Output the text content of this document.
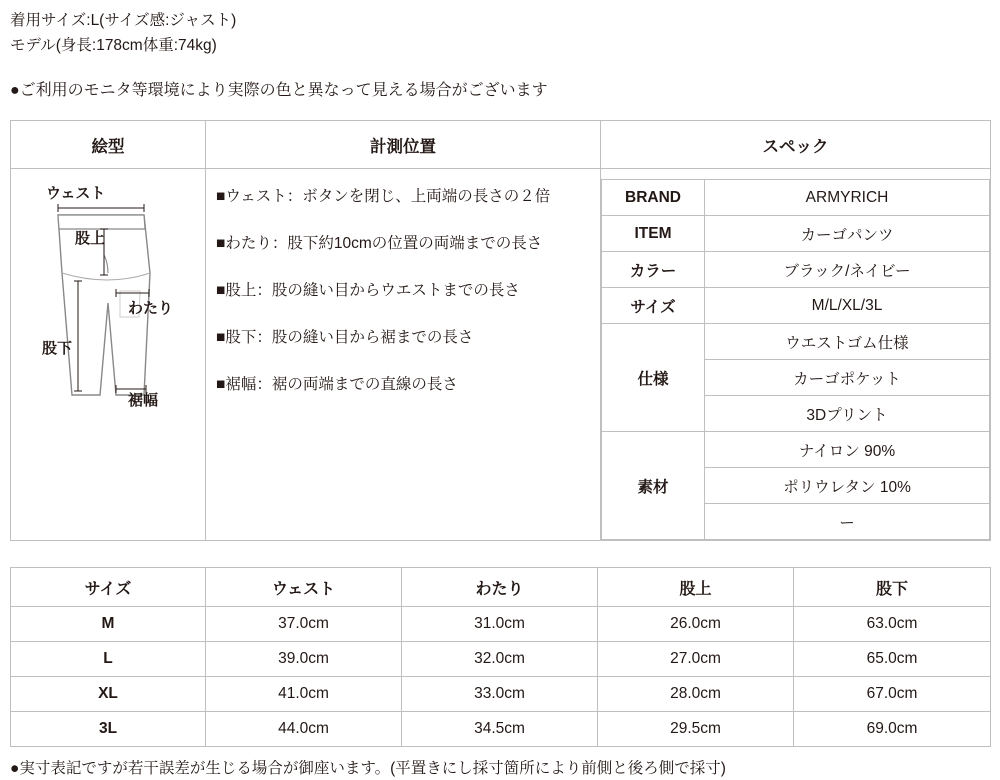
着用サイズ:L(サイズ感:ジャスト)
モデル(身長:178cm体重:74kg)
●ご利用のモニタ等環境により実際の色と異なって見える場合がございます
絵型	計測位置	スペック

ウェスト
股上
わたり
股下
裾幅

■ウェスト：ボタンを閉じ、上両端の長さの２倍
■わたり：股下約10cmの位置の両端までの長さ
■股上：股の縫い目からウエストまでの長さ
■股下：股の縫い目から裾までの長さ
■裾幅：裾の両端までの直線の長さ

BRAND	ARMYRICH
ITEM	カーゴパンツ
カラー	ブラック/ネイビー
サイズ	M/L/XL/3L
仕様	ウエストゴム仕様
カーゴポケット
3Dプリント
素材	ナイロン 90%
ポリウレタン 10%
ー
サイズ	ウェスト	わたり	股上	股下
M	37.0cm	31.0cm	26.0cm	63.0cm
L	39.0cm	32.0cm	27.0cm	65.0cm
XL	41.0cm	33.0cm	28.0cm	67.0cm
3L	44.0cm	34.5cm	29.5cm	69.0cm
●実寸表記ですが若干誤差が生じる場合が御座います。(平置きにし採寸箇所により前側と後ろ側で採寸)
